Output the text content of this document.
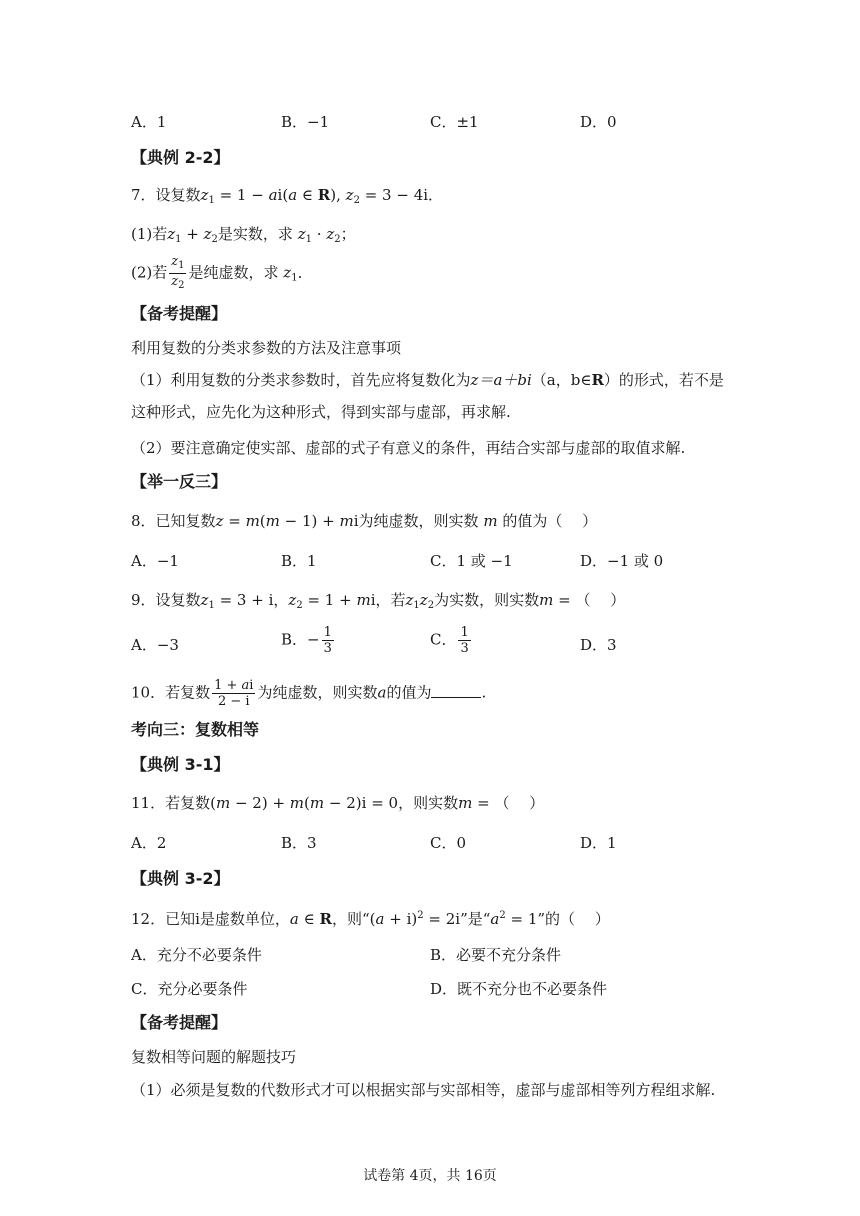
A．1	B．−1	C．±1	D．0
【典例 2-2】
7．设复数$z_1 = 1 - ai(a$ ∈ R), $z_2 = 3 - 4i$．
(1)若$z_1 + z_2$是实数，求 $z_1 \cdot z_2$；
(2)若 $\frac{z_1}{z_2}$ 是纯虚数，求 $z_1$．
【备考提醒】
利用复数的分类求参数的方法及注意事项
（1）利用复数的分类求参数时，首先应将复数化为z＝a＋bi（a，b∈R）的形式，若不是
这种形式，应先化为这种形式，得到实部与虚部，再求解.
（2）要注意确定使实部、虚部的式子有意义的条件，再结合实部与虚部的取值求解.
【举一反三】
8．已知复数z = m(m − 1) + mi为纯虚数，则实数 m 的值为（　 ）
A．−1	B．1	C．1 或 −1	D．−1 或 0
9．设复数$z_1 = 3 + i$，$z_2 = 1$ + mi，若$z_1z_2$为实数，则实数m = （　 ）
A．−3	B．− $\frac{1}{3}$	C． $\frac{1}{3}$	D．3
10．若复数 $\frac{1 + ai}{2 - i}$ 为纯虚数，则实数a的值为	.
考向三：复数相等
【典例 3-1】
11．若复数(m − 2) + m(m − 2)i = 0，则实数m = （　 ）
A．2	B．3	C．0	D．1
【典例 3-2】
12．已知i是虚数单位，a ∈ R，则“$(a + i)^2 = 2i$”是“$a^2 = 1$”的（　 ）
A．充分不必要条件	B．必要不充分条件
C．充分必要条件	D．既不充分也不必要条件
【备考提醒】
复数相等问题的解题技巧
（1）必须是复数的代数形式才可以根据实部与实部相等，虚部与虚部相等列方程组求解.
试卷第 4页，共 16页
